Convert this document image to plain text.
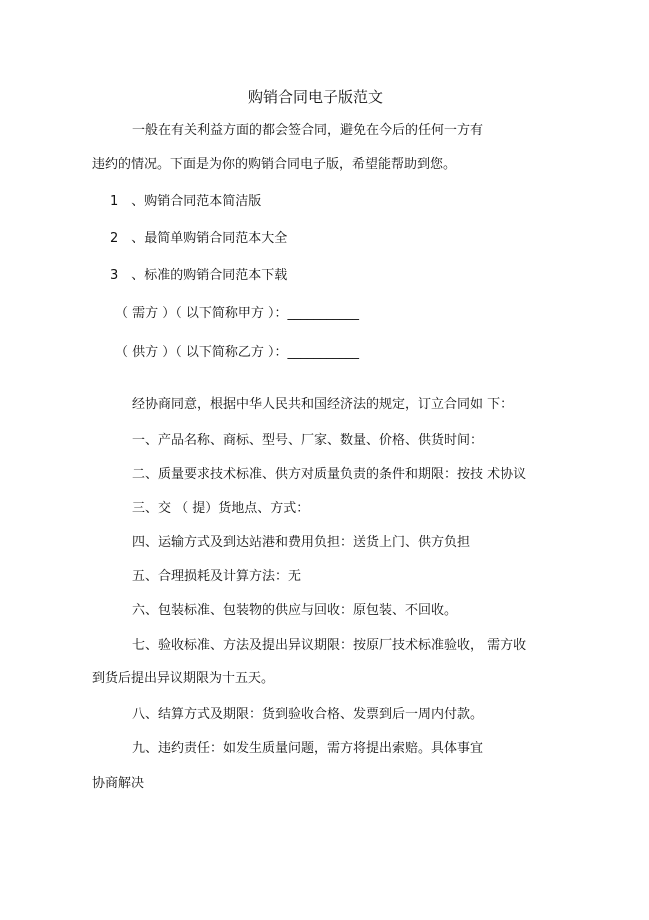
购销合同电子版范文
一般在有关利益方面的都会签合同，避免在今后的任何一方有
违约的情况。下面是为你的购销合同电子版，希望能帮助到您。
1　、购销合同范本简洁版
2　、最简单购销合同范本大全
3　、标准的购销合同范本下载
（ 需方 ）（ 以下简称甲方 ）：___________
（ 供方 ）（ 以下简称乙方 ）：___________
经协商同意，根据中华人民共和国经济法的规定，订立合同如 下：
一、产品名称、商标、型号、厂家、数量、价格、供货时间：
二、质量要求技术标准、供方对质量负责的条件和期限：按技 术协议
三、交 （ 提）货地点、方式：
四、运输方式及到达站港和费用负担：送货上门、供方负担
五、合理损耗及计算方法：无
六、包装标准、包装物的供应与回收：原包装、不回收。
七、验收标准、方法及提出异议期限：按原厂技术标准验收， 需方收
到货后提出异议期限为十五天。
八、结算方式及期限：货到验收合格、发票到后一周内付款。
九、违约责任：如发生质量问题，需方将提出索赔。具体事宜
协商解决
